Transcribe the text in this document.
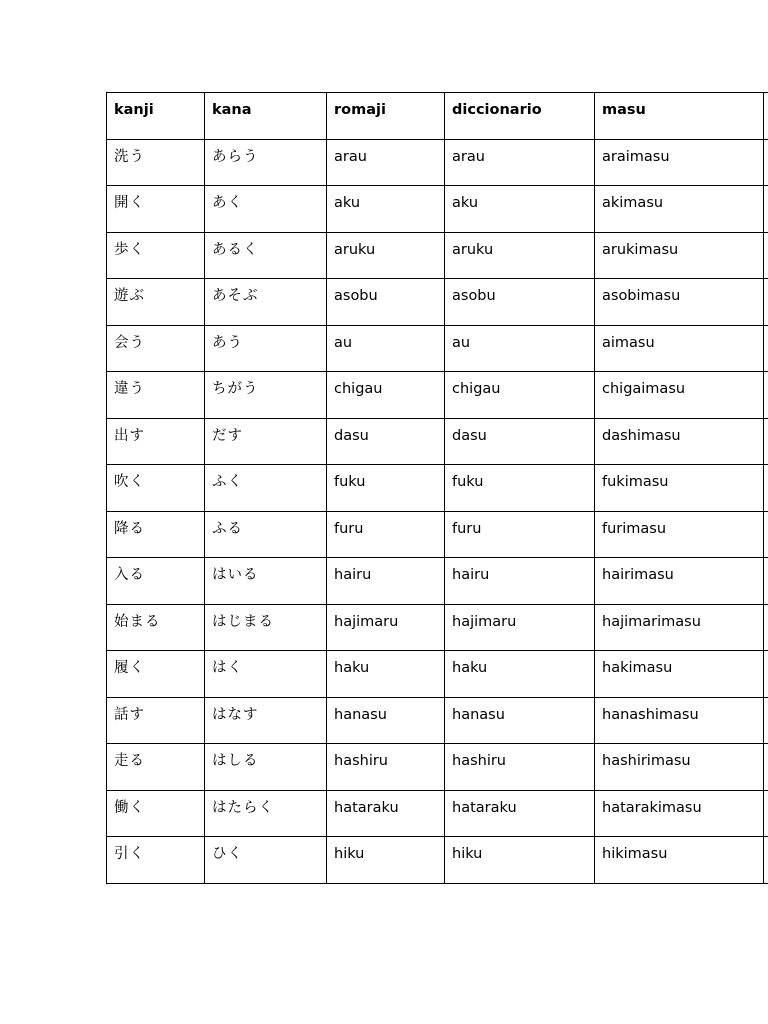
kanji	kana	romaji	diccionario	masu	
洗う	あらう	arau	arau	araimasu	
開く	あく	aku	aku	akimasu	
歩く	あるく	aruku	aruku	arukimasu	
遊ぶ	あそぶ	asobu	asobu	asobimasu	
会う	あう	au	au	aimasu	
違う	ちがう	chigau	chigau	chigaimasu	
出す	だす	dasu	dasu	dashimasu	
吹く	ふく	fuku	fuku	fukimasu	
降る	ふる	furu	furu	furimasu	
入る	はいる	hairu	hairu	hairimasu	
始まる	はじまる	hajimaru	hajimaru	hajimarimasu	
履く	はく	haku	haku	hakimasu	
話す	はなす	hanasu	hanasu	hanashimasu	
走る	はしる	hashiru	hashiru	hashirimasu	
働く	はたらく	hataraku	hataraku	hatarakimasu	
引く	ひく	hiku	hiku	hikimasu	
